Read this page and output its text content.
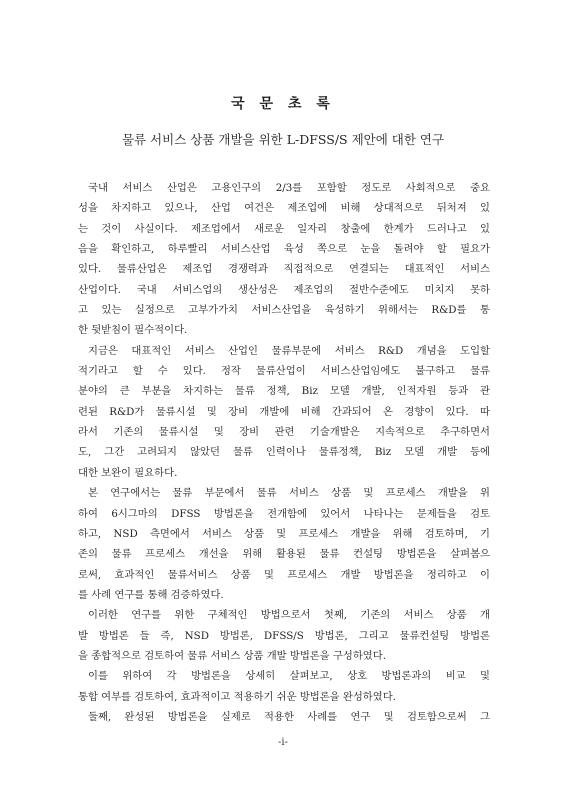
국 문 초 록
물류 서비스 상품 개발을 위한 L-DFSS/S 제안에 대한 연구
국내 서비스 산업은 고용인구의 2/3를 포함할 정도로 사회적으로 중요
성을 차지하고 있으나, 산업 여건은 제조업에 비해 상대적으로 뒤처져 있
는 것이 사실이다. 제조업에서 새로운 일자리 창출에 한계가 드러나고 있
음을 확인하고, 하루빨리 서비스산업 육성 쪽으로 눈을 돌려야 할 필요가
있다. 물류산업은 제조업 경쟁력과 직접적으로 연결되는 대표적인 서비스
산업이다. 국내 서비스업의 생산성은 제조업의 절반수준에도 미치지 못하
고 있는 실정으로 고부가가치 서비스산업을 육성하기 위해서는 R&D를 통
한 뒷받침이 필수적이다.
지금은 대표적인 서비스 산업인 물류부문에 서비스 R&D 개념을 도입할
적기라고 할 수 있다. 정작 물류산업이 서비스산업임에도 불구하고 물류
분야의 큰 부분을 차지하는 물류 정책, Biz 모델 개발, 인적자원 등과 관
련된 R&D가 물류시설 및 장비 개발에 비해 간과되어 온 경향이 있다. 따
라서 기존의 물류시설 및 장비 관련 기술개발은 지속적으로 추구하면서
도, 그간 고려되지 않았던 물류 인력이나 물류정책, Biz 모델 개발 등에
대한 보완이 필요하다.
본 연구에서는 물류 부문에서 물류 서비스 상품 및 프로세스 개발을 위
하여 6시그마의 DFSS 방법론을 전개함에 있어서 나타나는 문제들을 검토
하고, NSD 측면에서 서비스 상품 및 프로세스 개발을 위해 검토하며, 기
존의 물류 프로세스 개선을 위해 활용된 물류 컨설팅 방법론을 살펴봄으
로써, 효과적인 물류서비스 상품 및 프로세스 개발 방법론을 정리하고 이
를 사례 연구를 통해 검증하였다.
이러한 연구를 위한 구체적인 방법으로서 첫째, 기존의 서비스 상품 개
발 방법론 들 즉, NSD 방법론, DFSS/S 방법론, 그리고 물류컨설팅 방법론
을 종합적으로 검토하여 물류 서비스 상품 개발 방법론을 구성하였다.
이를 위하여 각 방법론을 상세히 살펴보고, 상호 방법론과의 비교 및
통합 여부를 검토하여, 효과적이고 적용하기 쉬운 방법론을 완성하였다.
둘째, 완성된 방법론을 실제로 적용한 사례를 연구 및 검토함으로써 그
-i-
